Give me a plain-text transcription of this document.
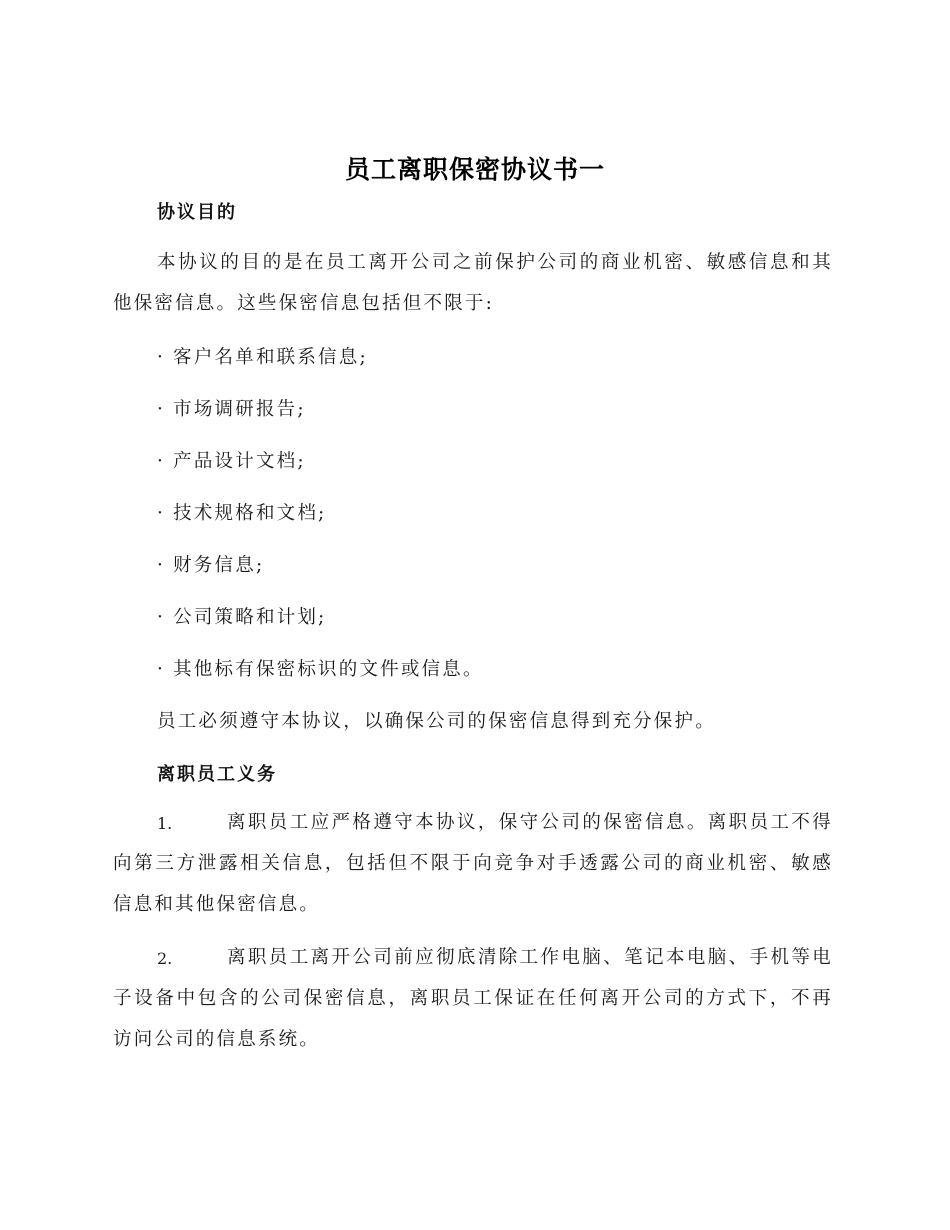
员工离职保密协议书一
协议目的
本协议的目的是在员工离开公司之前保护公司的商业机密、敏感信息和其他保密信息。这些保密信息包括但不限于:
· 客户名单和联系信息;
· 市场调研报告;
· 产品设计文档;
· 技术规格和文档;
· 财务信息;
· 公司策略和计划;
· 其他标有保密标识的文件或信息。
员工必须遵守本协议，以确保公司的保密信息得到充分保护。
离职员工义务
1.	离职员工应严格遵守本协议，保守公司的保密信息。离职员工不得向第三方泄露相关信息，包括但不限于向竞争对手透露公司的商业机密、敏感信息和其他保密信息。
2.	离职员工离开公司前应彻底清除工作电脑、笔记本电脑、手机等电子设备中包含的公司保密信息，离职员工保证在任何离开公司的方式下，不再访问公司的信息系统。
